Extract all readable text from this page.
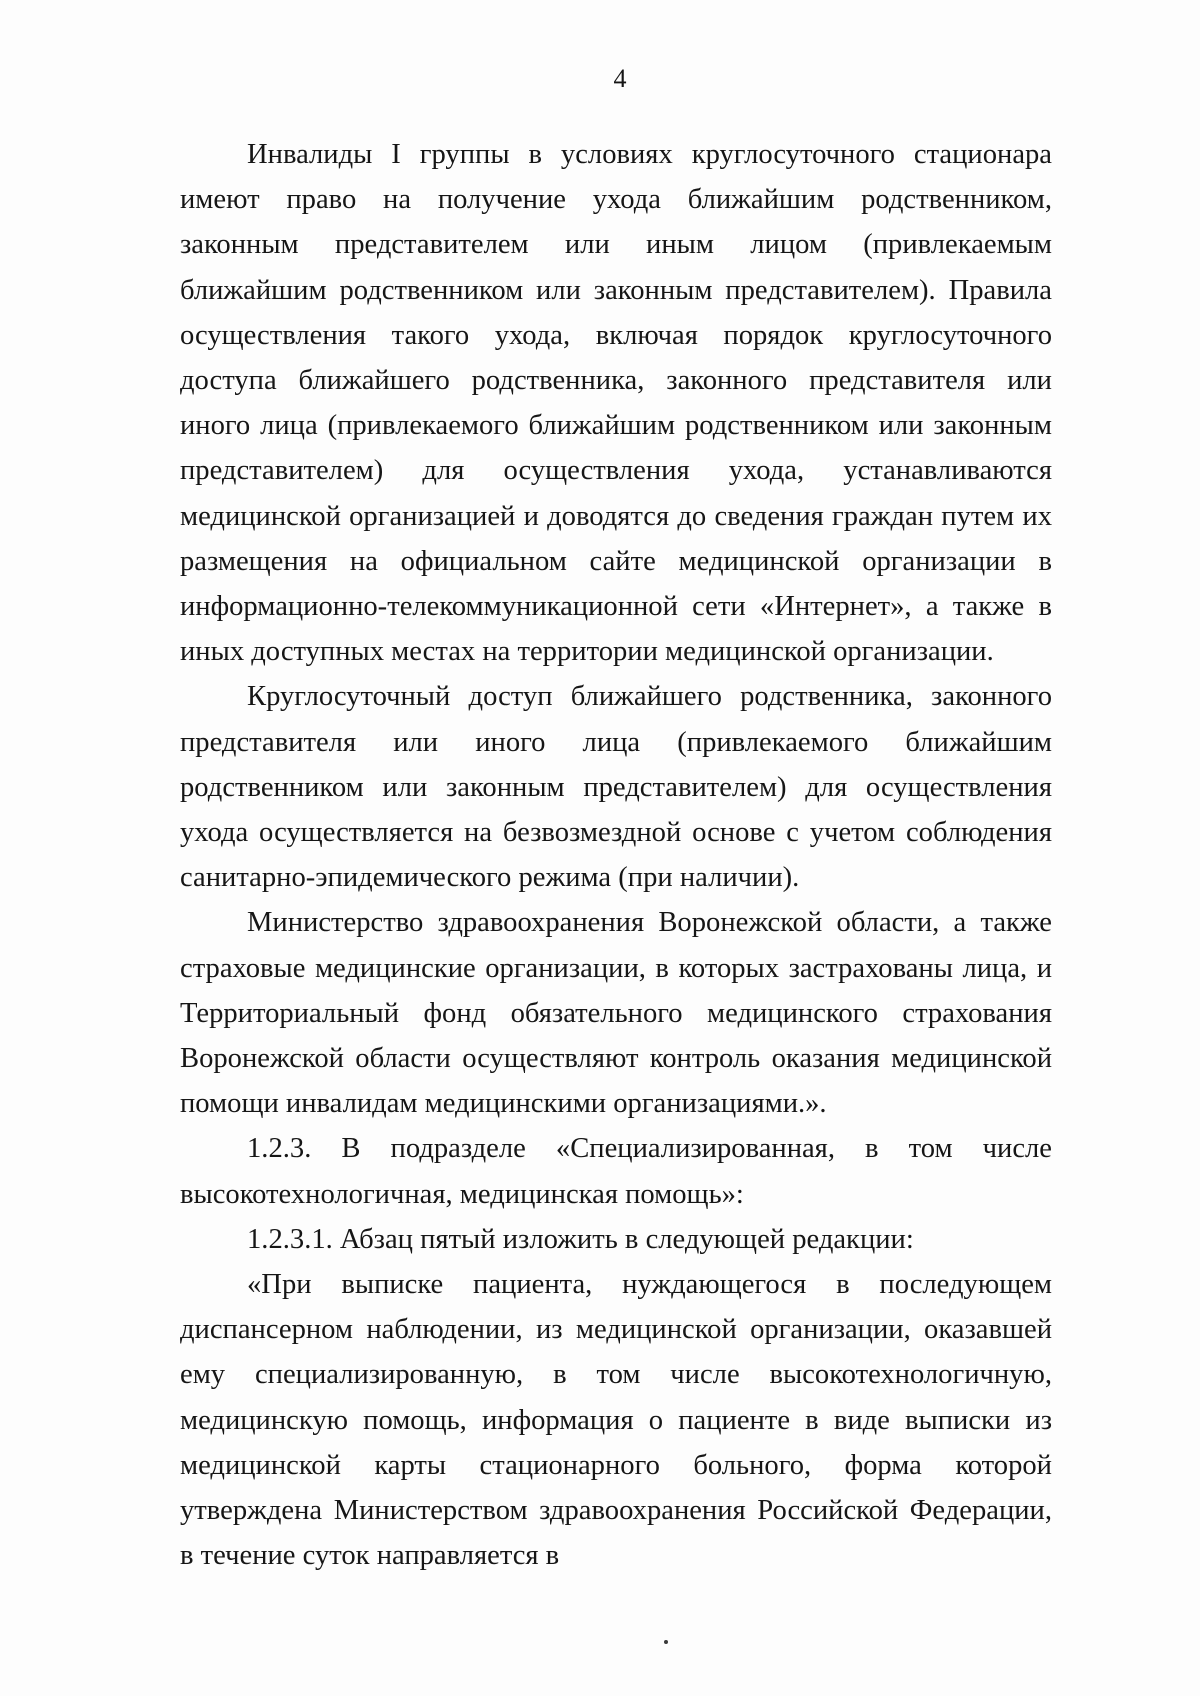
4

Инвалиды I группы в условиях круглосуточного стационара имеют право на получение ухода ближайшим родственником, законным представителем или иным лицом (привлекаемым ближайшим родственником или законным представителем). Правила осуществления такого ухода, включая порядок круглосуточного доступа ближайшего родственника, законного представителя или иного лица (привлекаемого ближайшим родственником или законным представителем) для осуществления ухода, устанавливаются медицинской организацией и доводятся до сведения граждан путем их размещения на официальном сайте медицинской организации в информационно-телекоммуникационной сети «Интернет», а также в иных доступных местах на территории медицинской организации.

Круглосуточный доступ ближайшего родственника, законного представителя или иного лица (привлекаемого ближайшим родственником или законным представителем) для осуществления ухода осуществляется на безвозмездной основе с учетом соблюдения санитарно-эпидемического режима (при наличии).

Министерство здравоохранения Воронежской области, а также страховые медицинские организации, в которых застрахованы лица, и Территориальный фонд обязательного медицинского страхования Воронежской области осуществляют контроль оказания медицинской помощи инвалидам медицинскими организациями.».

1.2.3. В подразделе «Специализированная, в том числе высокотехнологичная, медицинская помощь»:

1.2.3.1. Абзац пятый изложить в следующей редакции:

«При выписке пациента, нуждающегося в последующем диспансерном наблюдении, из медицинской организации, оказавшей ему специализированную, в том числе высокотехнологичную, медицинскую помощь, информация о пациенте в виде выписки из медицинской карты стационарного больного, форма которой утверждена Министерством здравоохранения Российской Федерации, в течение суток направляется в
